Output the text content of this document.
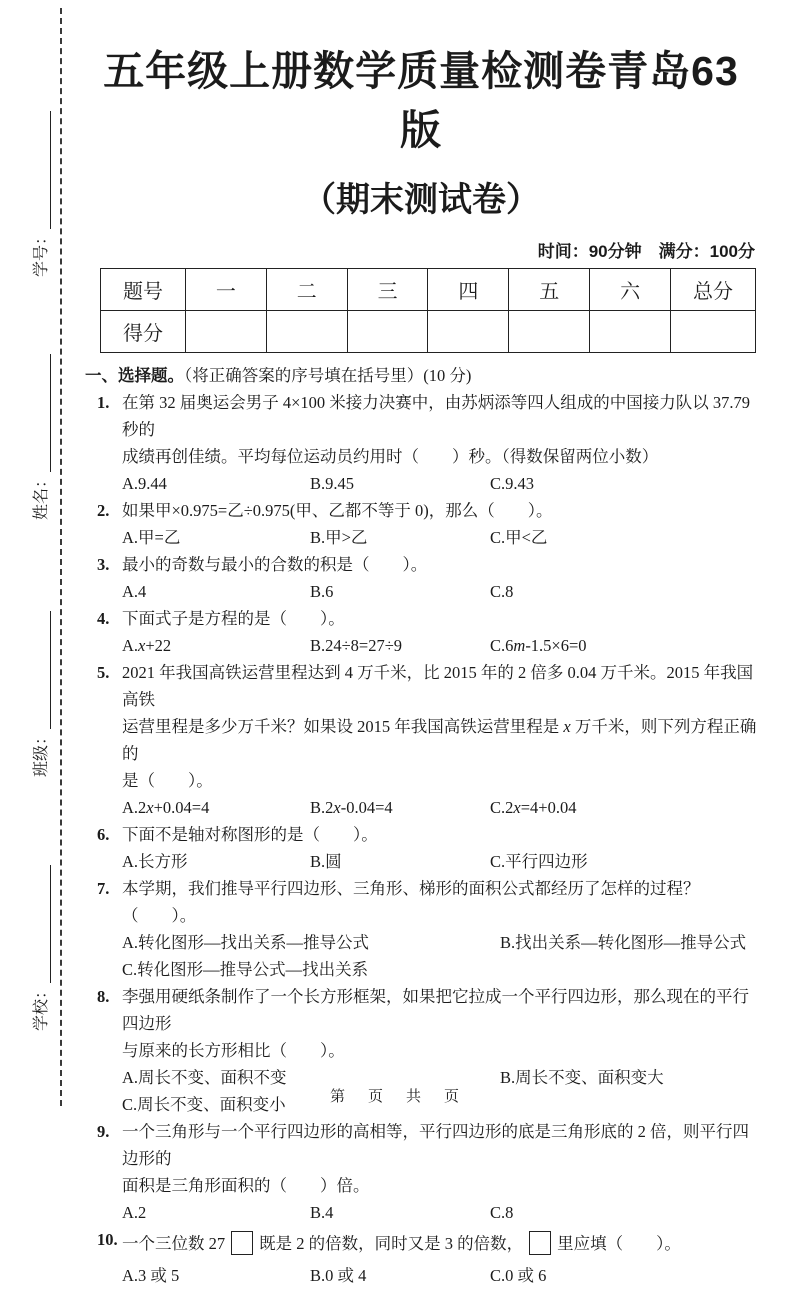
学号：
姓名：
班级：
学校：
五年级上册数学质量检测卷青岛63版
（期末测试卷）
时间：90分钟　满分：100分
题号	一	二	三	四	五	六	总分
得分							
一、选择题。（将正确答案的序号填在括号里）(10 分)
1. 在第 32 届奥运会男子 4×100 米接力决赛中，由苏炳添等四人组成的中国接力队以 37.79 秒的
成绩再创佳绩。平均每位运动员约用时（　　）秒。（得数保留两位小数）
A.9.44	B.9.45	C.9.43
2. 如果甲×0.975=乙÷0.975(甲、乙都不等于 0)，那么（　　）。
A.甲=乙	B.甲>乙	C.甲<乙
3. 最小的奇数与最小的合数的积是（　　）。
A.4	B.6	C.8
4. 下面式子是方程的是（　　）。
A.x+22	B.24÷8=27÷9	C.6m-1.5×6=0
5. 2021 年我国高铁运营里程达到 4 万千米，比 2015 年的 2 倍多 0.04 万千米。2015 年我国高铁
运营里程是多少万千米？如果设 2015 年我国高铁运营里程是 x 万千米，则下列方程正确的
是（　　）。
A.2x+0.04=4	B.2x-0.04=4	C.2x=4+0.04
6. 下面不是轴对称图形的是（　　）。
A.长方形	B.圆	C.平行四边形
7. 本学期，我们推导平行四边形、三角形、梯形的面积公式都经历了怎样的过程？（　　）。
A.转化图形—找出关系—推导公式	B.找出关系—转化图形—推导公式
C.转化图形—推导公式—找出关系
8. 李强用硬纸条制作了一个长方形框架，如果把它拉成一个平行四边形，那么现在的平行四边形
与原来的长方形相比（　　）。
A.周长不变、面积不变	B.周长不变、面积变大
C.周长不变、面积变小
9. 一个三角形与一个平行四边形的高相等，平行四边形的底是三角形底的 2 倍，则平行四边形的
面积是三角形面积的（　　）倍。
A.2	B.4	C.8
10. 一个三位数 27 既是 2 的倍数，同时又是 3 的倍数， 里应填（　　）。
A.3 或 5	B.0 或 4	C.0 或 6
第　页　共　页
